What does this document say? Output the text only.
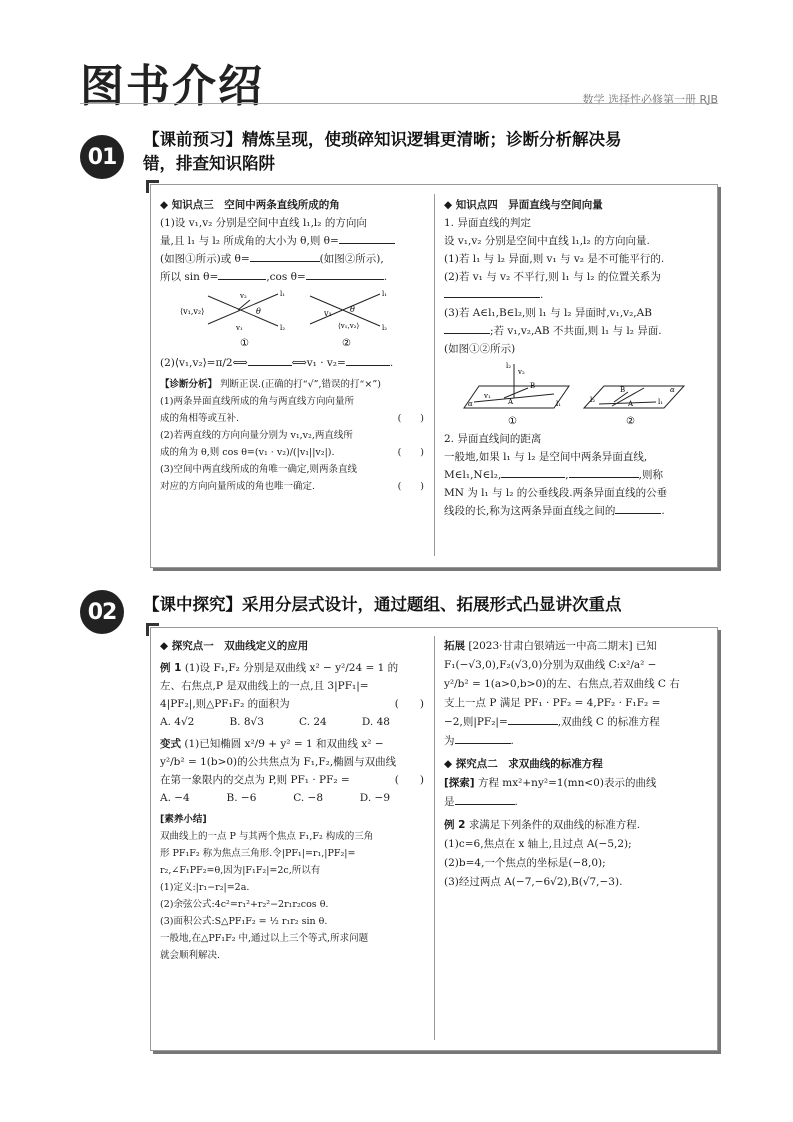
图书介绍	数学 选择性必修第一册 RJB
01
【课前预习】精炼呈现，使琐碎知识逻辑更清晰；诊断分析解决易
错，排查知识陷阱

◆ 知识点三　空间中两条直线所成的角

(1)设 v₁,v₂ 分别是空间中直线 l₁,l₂ 的方向向

量,且 l₁ 与 l₂ 所成角的大小为 θ,则 θ=

(如图①所示)或 θ=	(如图②所示),

所以 sin θ=	,cos θ=	.

⟨v₁,v₂⟩	θ
v₂
v₁
l₁
l₂
①
v₁ θ
⟨v₁,v₂⟩
l₁
l₂
②

(2)⟨v₁,v₂⟩=π/2⟺	⟺v₁ · v₂=	.

【诊断分析】 判断正误.(正确的打“√”,错误的打“×”)

(1)两条异面直线所成的角与两直线方向向量所

成的角相等或互补.	(　　)

(2)若两直线的方向向量分别为 v₁,v₂,两直线所

成的角为 θ,则 cos θ=(v₁ · v₂)/(|v₁||v₂|).	(　　)

(3)空间中两直线所成的角唯一确定,则两条直线

对应的方向向量所成的角也唯一确定.	(　　)

◆ 知识点四　异面直线与空间向量

1. 异面直线的判定

设 v₁,v₂ 分别是空间中直线 l₁,l₂ 的方向向量.

(1)若 l₁ 与 l₂ 异面,则 v₁ 与 v₂ 是不可能平行的.

(2)若 v₁ 与 v₂ 不平行,则 l₁ 与 l₂ 的位置关系为

.

(3)若 A∈l₁,B∈l₂,则 l₁ 与 l₂ 异面时,v₁,v₂,AB

;若 v₁,v₂,AB 不共面,则 l₁ 与 l₂ 异面.

(如图①②所示)

l₂
v₂
B
A
v₁
α	l₁
①
B
A
l₂	l₁
α
②

2. 异面直线间的距离

一般地,如果 l₁ 与 l₂ 是空间中两条异面直线,

M∈l₁,N∈l₂,	,	,则称

MN 为 l₁ 与 l₂ 的公垂线段.两条异面直线的公垂

线段的长,称为这两条异面直线之间的	.

02	【课中探究】采用分层式设计，通过题组、拓展形式凸显讲次重点

◆ 探究点一　双曲线定义的应用

例 1 (1)设 F₁,F₂ 分别是双曲线 x² − y²/24 = 1 的

左、右焦点,P 是双曲线上的一点,且 3|PF₁|=

4|PF₂|,则△PF₁F₂ 的面积为	(　　)

A. 4√2	B. 8√3	C. 24	D. 48

变式 (1)已知椭圆 x²/9 + y² = 1 和双曲线 x² −

y²/b² = 1(b>0)的公共焦点为 F₁,F₂,椭圆与双曲线

在第一象限内的交点为 P,则 PF₁ · PF₂ =	(　　)

A. −4	B. −6	C. −8	D. −9

[素养小结]

双曲线上的一点 P 与其两个焦点 F₁,F₂ 构成的三角

形 PF₁F₂ 称为焦点三角形.令|PF₁|=r₁,|PF₂|=

r₂,∠F₁PF₂=θ,因为|F₁F₂|=2c,所以有

(1)定义:|r₁−r₂|=2a.

(2)余弦公式:4c²=r₁²+r₂²−2r₁r₂cos θ.

(3)面积公式:S△PF₁F₂ = ½ r₁r₂ sin θ.

一般地,在△PF₁F₂ 中,通过以上三个等式,所求问题

就会顺利解决.

拓展 [2023·甘肃白银靖远一中高二期末] 已知

F₁(−√3,0),F₂(√3,0)分别为双曲线 C:x²/a² −

y²/b² = 1(a>0,b>0)的左、右焦点,若双曲线 C 右

支上一点 P 满足 PF₁ · PF₂ = 4,PF₂ · F₁F₂ =

−2,则|PF₂|=	,双曲线 C 的标准方程

为	.

◆ 探究点二　求双曲线的标准方程

[探索] 方程 mx²+ny²=1(mn<0)表示的曲线

是	.

例 2 求满足下列条件的双曲线的标准方程.

(1)c=6,焦点在 x 轴上,且过点 A(−5,2);

(2)b=4,一个焦点的坐标是(−8,0);

(3)经过两点 A(−7,−6√2),B(√7,−3).
